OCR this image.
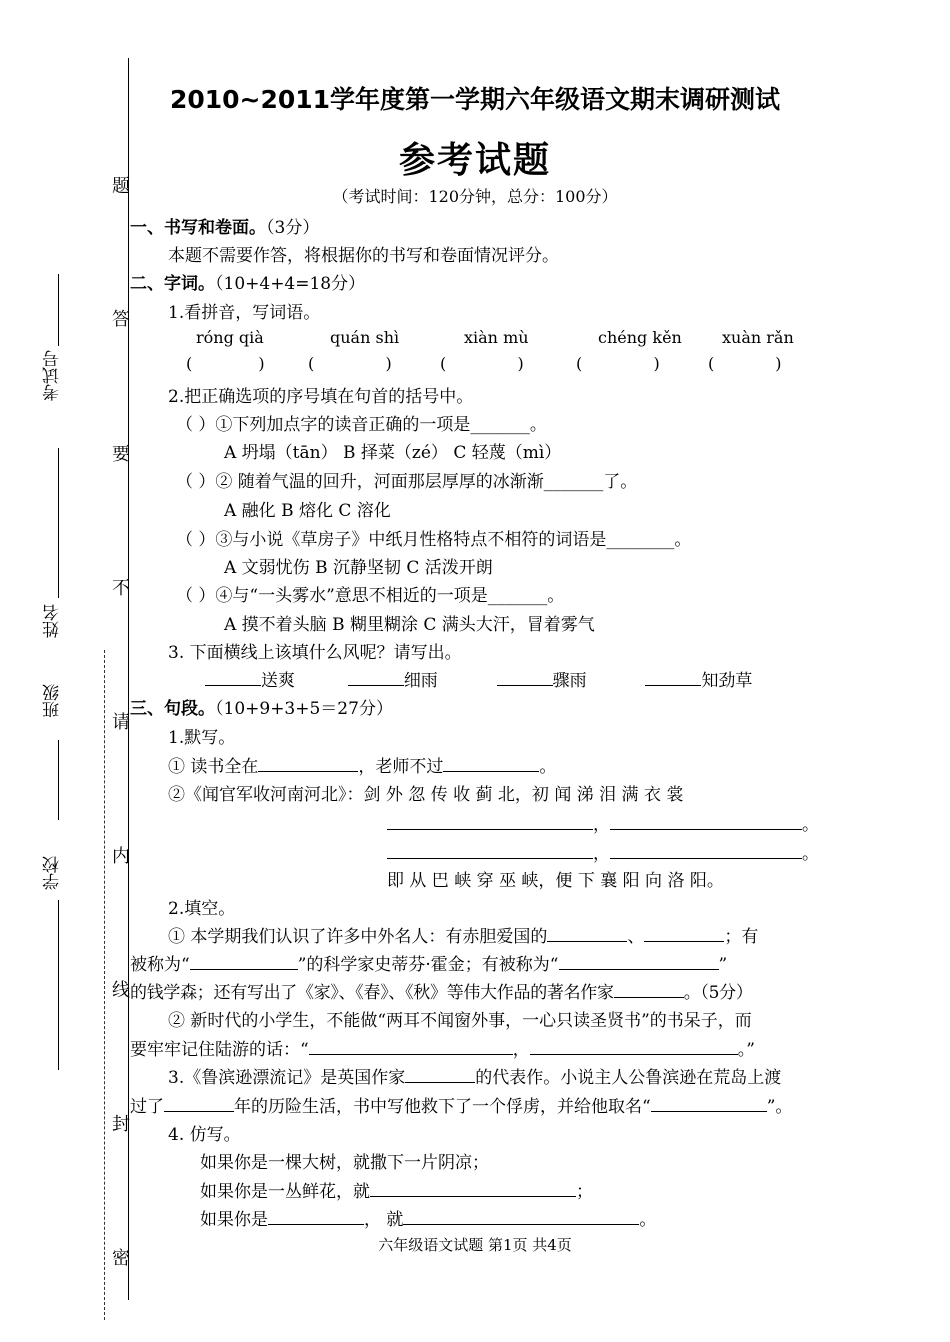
题
答
要
不
请
内
线
封
密
考试号
姓名
班级
学校
2010~2011学年度第一学期六年级语文期末调研测试
参考试题
（考试时间：120分钟，总分：100分）
一、书写和卷面。（3分）
本题不需要作答，将根据你的书写和卷面情况评分。
二、字词。（10+4+4=18分）
1.看拼音，写词语。
róng qià	quán shì	xiàn mù	chéng kěn	xuàn rǎn
(             )	(              )	(              )	(              )	(            )
2.把正确选项的序号填在句首的括号中。
（ ）①下列加点字的读音正确的一项是_______。
A 坍塌（tān） B 择菜（zé） C 轻蔑（mì）
（ ）② 随着气温的回升，河面那层厚厚的冰渐渐_______了。
A 融化 B 熔化 C 溶化
（ ）③与小说《草房子》中纸月性格特点不相符的词语是________。
A 文弱忧伤 B 沉静坚韧 C 活泼开朗
（ ）④与“一头雾水”意思不相近的一项是_______。
A 摸不着头脑 B 糊里糊涂 C 满头大汗，冒着雾气
3. 下面横线上该填什么风呢？请写出。
送爽	细雨	骤雨	知劲草
三、句段。（10+9+3+5＝27分）
1.默写。
① 读书全在	，老师不过	。
②《闻官军收河南河北》：剑 外 忽 传 收 蓟 北，初 闻 涕 泪 满 衣 裳
，	。
，	。
即 从 巴 峡 穿 巫 峡，便 下 襄 阳 向 洛 阳。
2.填空。
① 本学期我们认识了许多中外名人：有赤胆爱国的	、	；有
被称为“	”的科学家史蒂芬·霍金；有被称为“	”
的钱学森；还有写出了《家》、《春》、《秋》等伟大作品的著名作家	。（5分）
② 新时代的小学生，不能做“两耳不闻窗外事，一心只读圣贤书”的书呆子，而
要牢牢记住陆游的话：“	，	。”
3.《鲁滨逊漂流记》是英国作家	的代表作。小说主人公鲁滨逊在荒岛上渡
过了	年的历险生活，书中写他救下了一个俘虏，并给他取名“	”。
4. 仿写。
如果你是一棵大树，就撒下一片阴凉；
如果你是一丛鲜花，就	；
如果你是	， 就	。
六年级语文试题 第1页 共4页
